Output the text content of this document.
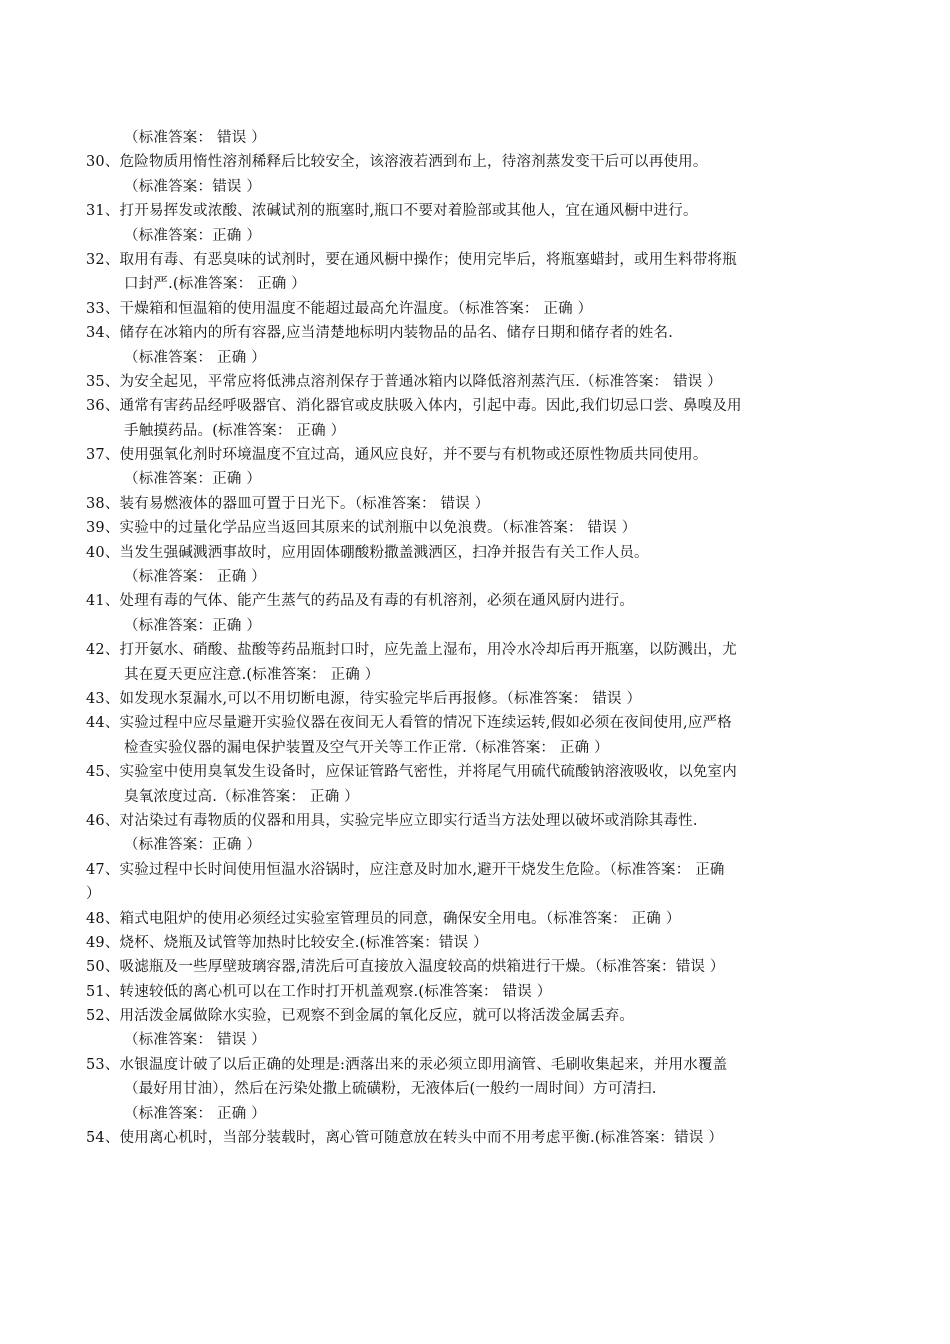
（标准答案： 错误 ）
30、危险物质用惰性溶剂稀释后比较安全，该溶液若洒到布上，待溶剂蒸发变干后可以再使用。
（标准答案：错误 ）
31、打开易挥发或浓酸、浓碱试剂的瓶塞时,瓶口不要对着脸部或其他人，宜在通风橱中进行。
（标准答案：正确 ）
32、取用有毒、有恶臭味的试剂时，要在通风橱中操作；使用完毕后，将瓶塞蜡封，或用生料带将瓶
口封严.(标准答案： 正确 ）
33、干燥箱和恒温箱的使用温度不能超过最高允许温度。（标准答案： 正确 ）
34、储存在冰箱内的所有容器,应当清楚地标明内装物品的品名、储存日期和储存者的姓名.
（标准答案： 正确 ）
35、为安全起见，平常应将低沸点溶剂保存于普通冰箱内以降低溶剂蒸汽压.（标准答案： 错误 ）
36、通常有害药品经呼吸器官、消化器官或皮肤吸入体内，引起中毒。因此,我们切忌口尝、鼻嗅及用
手触摸药品。(标准答案： 正确 ）
37、使用强氧化剂时环境温度不宜过高，通风应良好，并不要与有机物或还原性物质共同使用。
（标准答案：正确 ）
38、装有易燃液体的器皿可置于日光下。（标准答案： 错误 ）
39、实验中的过量化学品应当返回其原来的试剂瓶中以免浪费。（标准答案： 错误 ）
40、当发生强碱溅洒事故时，应用固体硼酸粉撒盖溅洒区，扫净并报告有关工作人员。
（标准答案： 正确 ）
41、处理有毒的气体、能产生蒸气的药品及有毒的有机溶剂，必须在通风厨内进行。
（标准答案：正确 ）
42、打开氨水、硝酸、盐酸等药品瓶封口时，应先盖上湿布，用冷水冷却后再开瓶塞，以防溅出，尤
其在夏天更应注意.(标准答案： 正确 ）
43、如发现水泵漏水,可以不用切断电源，待实验完毕后再报修。（标准答案： 错误 ）
44、实验过程中应尽量避开实验仪器在夜间无人看管的情况下连续运转,假如必须在夜间使用,应严格
检查实验仪器的漏电保护装置及空气开关等工作正常.（标准答案： 正确 ）
45、实验室中使用臭氧发生设备时，应保证管路气密性，并将尾气用硫代硫酸钠溶液吸收，以免室内
臭氧浓度过高.（标准答案： 正确 ）
46、对沾染过有毒物质的仪器和用具，实验完毕应立即实行适当方法处理以破坏或消除其毒性.
（标准答案：正确 ）
47、实验过程中长时间使用恒温水浴锅时，应注意及时加水,避开干烧发生危险。（标准答案： 正确
）
48、箱式电阻炉的使用必须经过实验室管理员的同意，确保安全用电。（标准答案： 正确 ）
49、烧杯、烧瓶及试管等加热时比较安全.(标准答案：错误 ）
50、吸滤瓶及一些厚壁玻璃容器,清洗后可直接放入温度较高的烘箱进行干燥。（标准答案：错误 ）
51、转速较低的离心机可以在工作时打开机盖观察.(标准答案： 错误 ）
52、用活泼金属做除水实验，已观察不到金属的氧化反应，就可以将活泼金属丢弃。
（标准答案： 错误 ）
53、水银温度计破了以后正确的处理是:洒落出来的汞必须立即用滴管、毛刷收集起来，并用水覆盖
（最好用甘油），然后在污染处撒上硫磺粉，无液体后(一般约一周时间）方可清扫.
（标准答案： 正确 ）
54、使用离心机时，当部分装载时，离心管可随意放在转头中而不用考虑平衡.(标准答案：错误 ）
